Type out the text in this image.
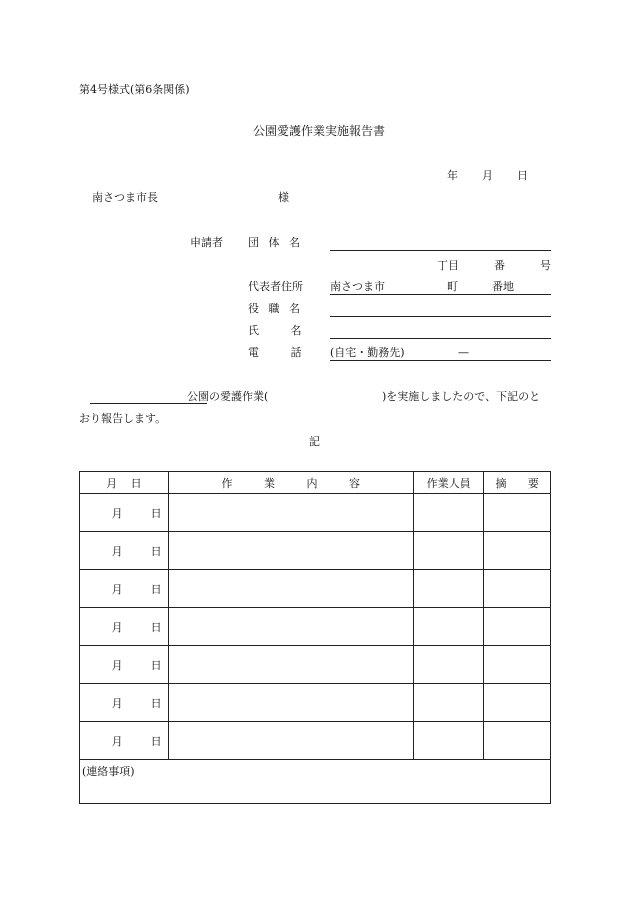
第4号様式(第6条関係)
公園愛護作業実施報告書
年 月 日
南さつま市長	様
申請者 団 体 名
丁目	番	号
代表者住所 南さつま市	町	番地
役 職 名
氏 名
電 話	(自宅・勤務先)	—
公園の愛護作業(	)を実施しましたので、下記のと
おり報告します。
記
月 日	作 業 内 容	作業人員	摘 要
月 日			
月 日			
月 日			
月 日			
月 日			
月 日			
月 日			
(連絡事項)			
